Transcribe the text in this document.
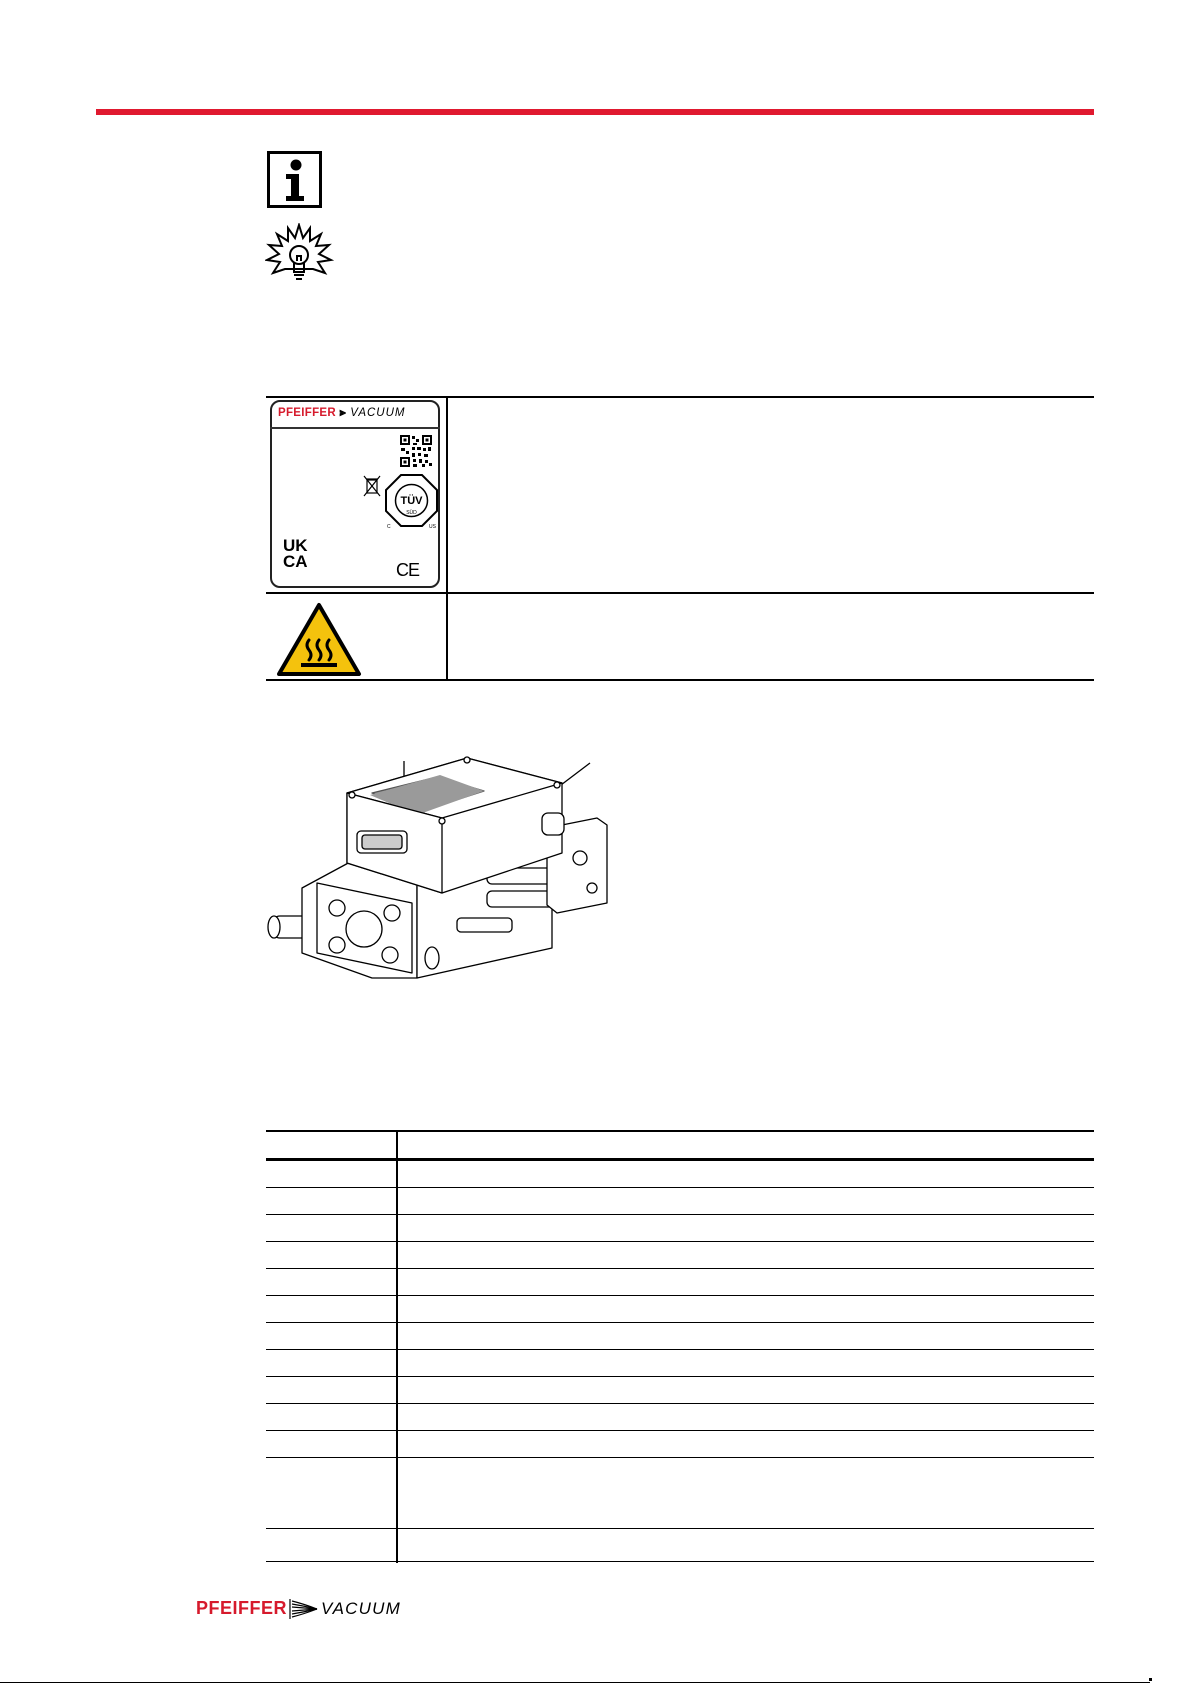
PFEIFFER ⫸ VACUUM
TÜV
SÜD
C	US
UK
CA	CE
PFEIFFER VACUUM
